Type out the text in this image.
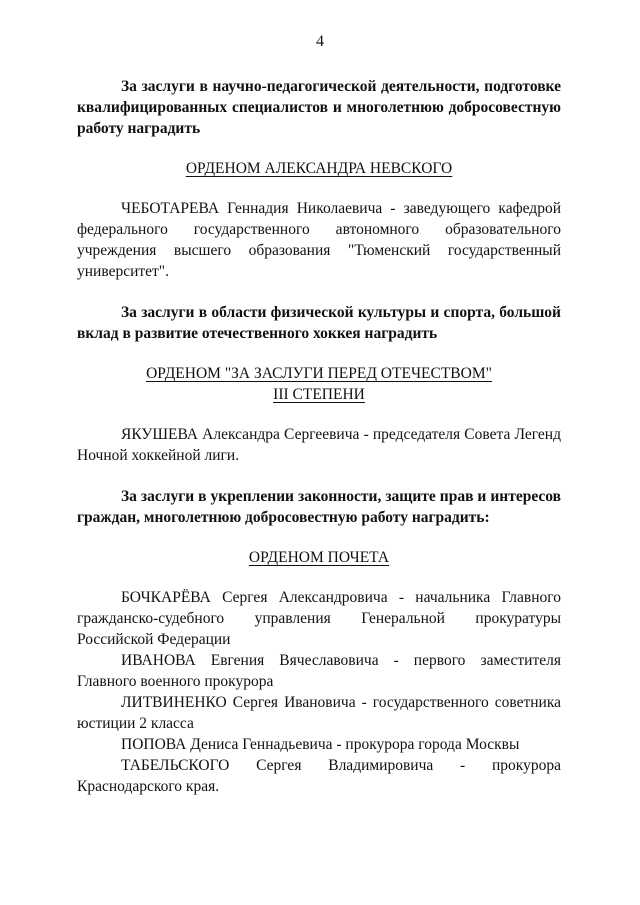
4

За заслуги в научно-педагогической деятельности, подготовке квалифицированных специалистов и многолетнюю добросовестную работу наградить

ОРДЕНОМ АЛЕКСАНДРА НЕВСКОГО

ЧЕБОТАРЕВА Геннадия Николаевича - заведующего кафедрой федерального государственного автономного образовательного учреждения высшего образования "Тюменский государственный университет".

За заслуги в области физической культуры и спорта, большой вклад в развитие отечественного хоккея наградить

ОРДЕНОМ "ЗА ЗАСЛУГИ ПЕРЕД ОТЕЧЕСТВОМ"
III СТЕПЕНИ

ЯКУШЕВА Александра Сергеевича - председателя Совета Легенд Ночной хоккейной лиги.

За заслуги в укреплении законности, защите прав и интересов граждан, многолетнюю добросовестную работу наградить:

ОРДЕНОМ ПОЧЕТА

БОЧКАРЁВА Сергея Александровича - начальника Главного гражданско-судебного управления Генеральной прокуратуры Российской Федерации

ИВАНОВА Евгения Вячеславовича - первого заместителя Главного военного прокурора

ЛИТВИНЕНКО Сергея Ивановича - государственного советника юстиции 2 класса

ПОПОВА Дениса Геннадьевича - прокурора города Москвы

ТАБЕЛЬСКОГО Сергея Владимировича - прокурора Краснодарского края.
